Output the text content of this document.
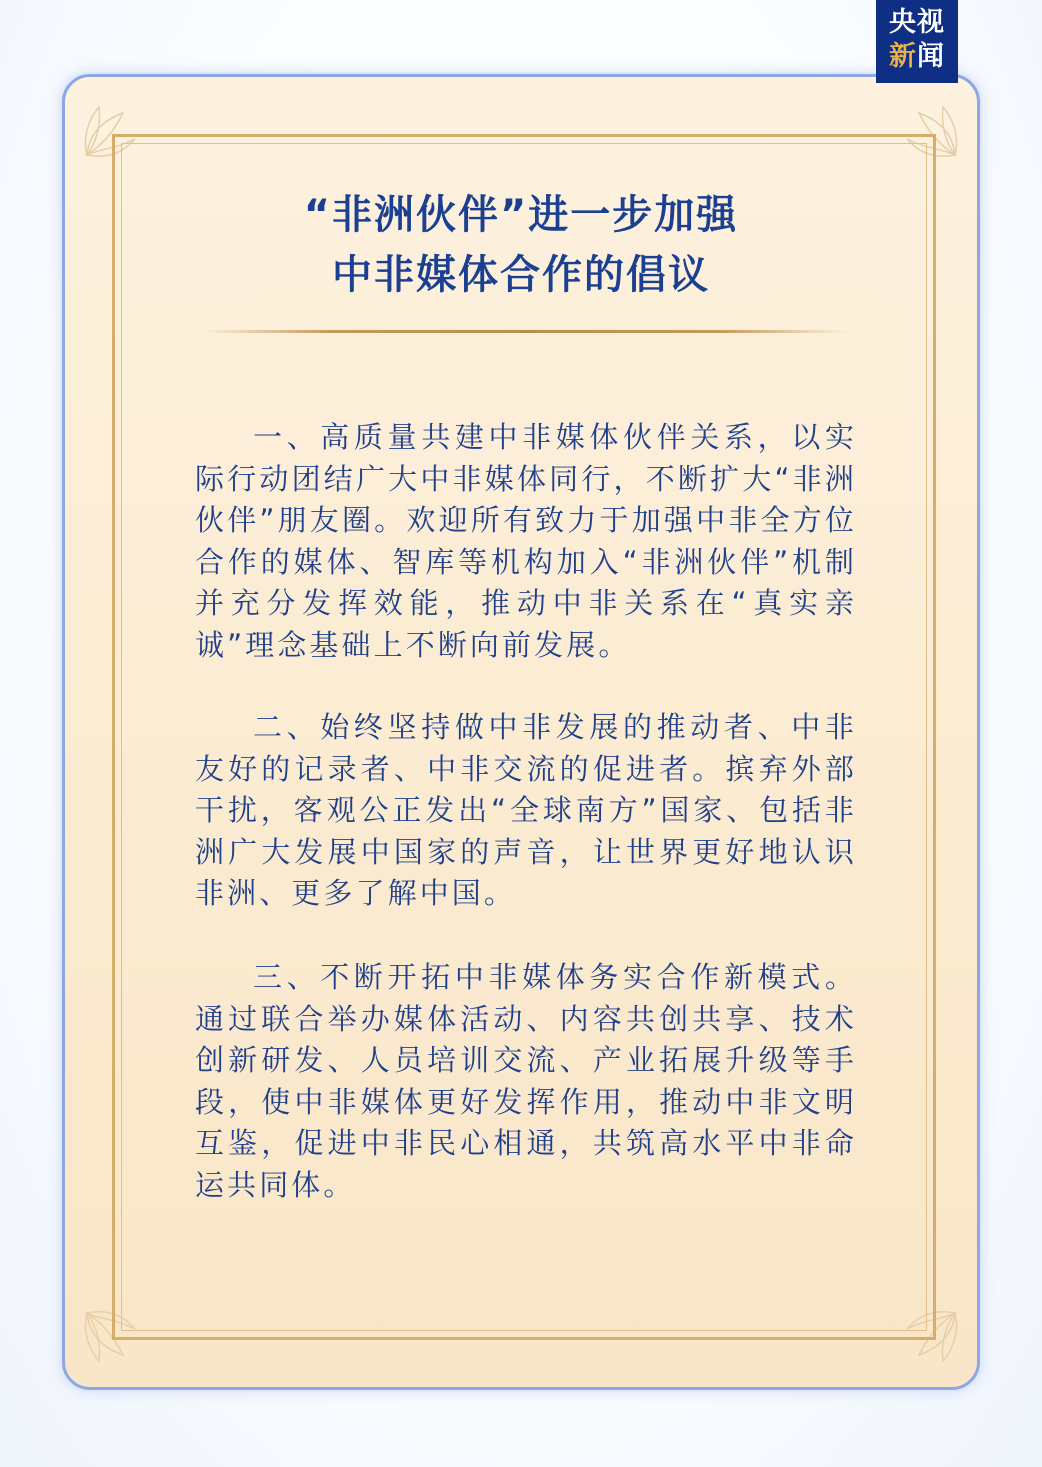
央视
新闻
“非洲伙伴”进一步加强
中非媒体合作的倡议

一、高质量共建中非媒体伙伴关系，以实际行动团结广大中非媒体同行，不断扩大“非洲伙伴”朋友圈。欢迎所有致力于加强中非全方位合作的媒体、智库等机构加入“非洲伙伴”机制并充分发挥效能，推动中非关系在“真实亲诚”理念基础上不断向前发展。

二、始终坚持做中非发展的推动者、中非友好的记录者、中非交流的促进者。摈弃外部干扰，客观公正发出“全球南方”国家、包括非洲广大发展中国家的声音，让世界更好地认识非洲、更多了解中国。

三、不断开拓中非媒体务实合作新模式。通过联合举办媒体活动、内容共创共享、技术创新研发、人员培训交流、产业拓展升级等手段，使中非媒体更好发挥作用，推动中非文明互鉴，促进中非民心相通，共筑高水平中非命运共同体。
